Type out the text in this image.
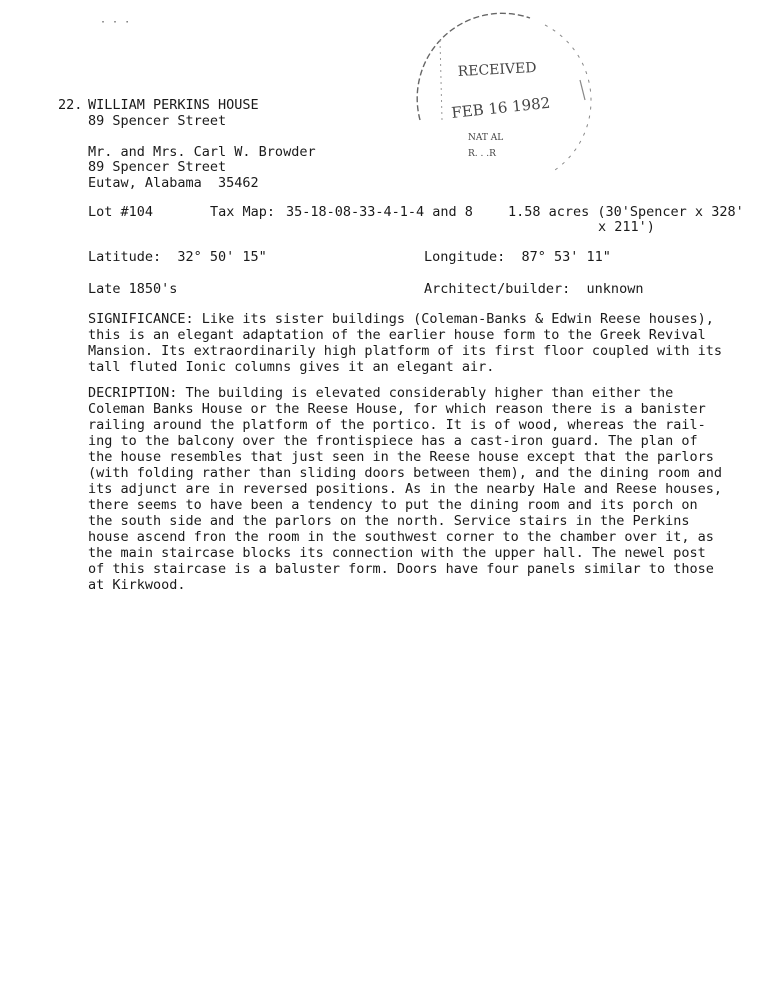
· · ·
RECEIVED
FEB 16 1982
NAT AL
R. . .R
22. WILLIAM PERKINS HOUSE
89 Spencer Street
Mr. and Mrs. Carl W. Browder
89 Spencer Street
Eutaw, Alabama  35462
Lot #104	Tax Map: 35-18-08-33-4-1-4 and 8	1.58 acres (30'Spencer x 328'
x 211')
Latitude:  32° 50' 15"	Longitude:  87° 53' 11"
Late 1850's	Architect/builder:  unknown

SIGNIFICANCE: Like its sister buildings (Coleman-Banks & Edwin Reese houses), this is an elegant adaptation of the earlier house form to the Greek Revival Mansion. Its extraordinarily high platform of its first floor coupled with its tall fluted Ionic columns gives it an elegant air.

DECRIPTION: The building is elevated considerably higher than either the Coleman Banks House or the Reese House, for which reason there is a banister railing around the platform of the portico. It is of wood, whereas the rail-ing to the balcony over the frontispiece has a cast-iron guard. The plan of the house resembles that just seen in the Reese house except that the parlors (with folding rather than sliding doors between them), and the dining room and its adjunct are in reversed positions. As in the nearby Hale and Reese houses, there seems to have been a tendency to put the dining room and its porch on the south side and the parlors on the north. Service stairs in the Perkins house ascend fron the room in the southwest corner to the chamber over it, as the main staircase blocks its connection with the upper hall. The newel post of this staircase is a baluster form. Doors have four panels similar to those at Kirkwood.
